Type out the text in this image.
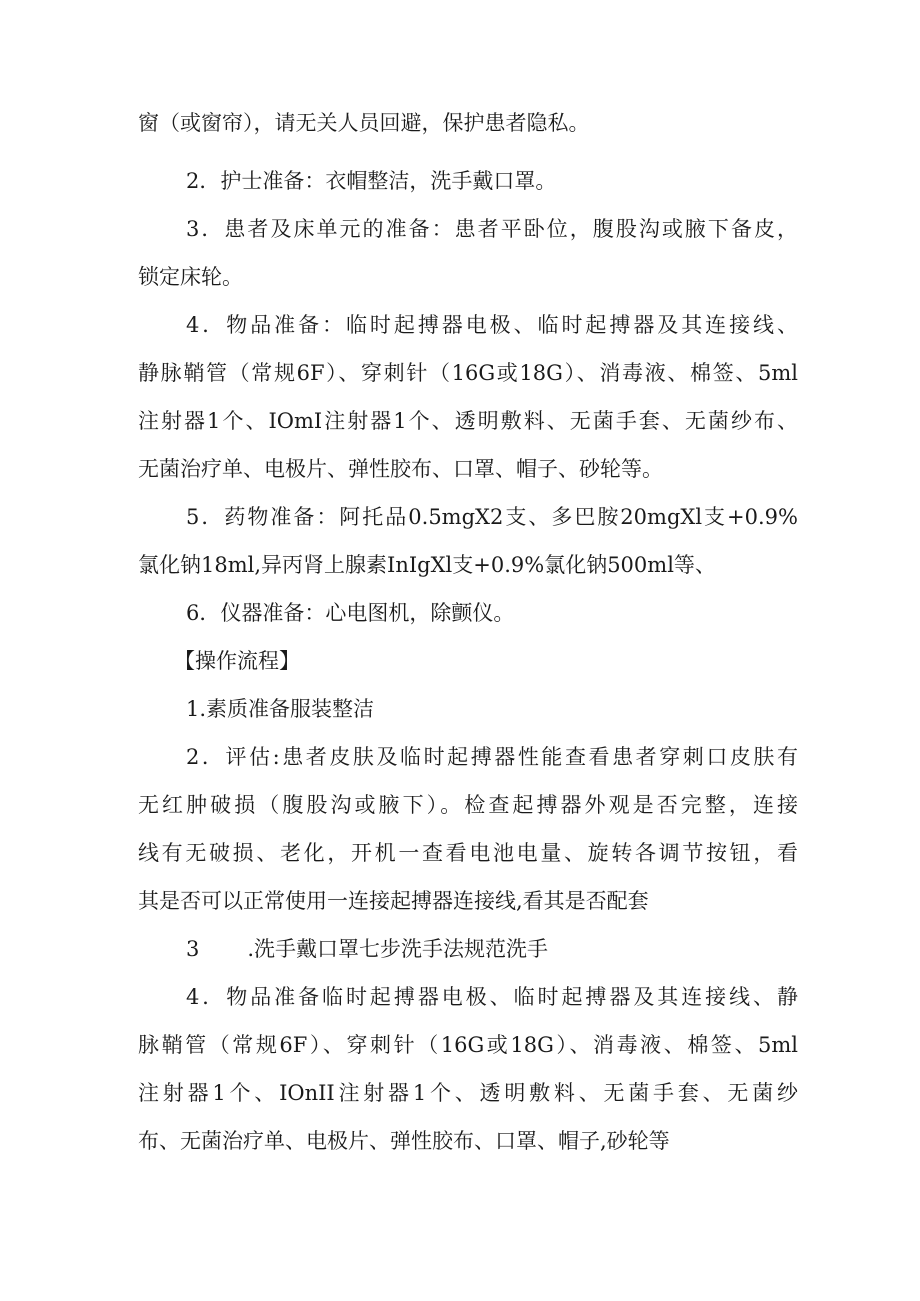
窗（或窗帘），请无关人员回避，保护患者隐私。
2．护士准备：衣帽整洁，洗手戴口罩。
3．患者及床单元的准备：患者平卧位，腹股沟或腋下备皮，
锁定床轮。
4．物品准备：临时起搏器电极、临时起搏器及其连接线、
静脉鞘管（常规6F）、穿刺针（16G或18G）、消毒液、棉签、5ml
注射器1个、IOmI注射器1个、透明敷料、无菌手套、无菌纱布、
无菌治疗单、电极片、弹性胶布、口罩、帽子、砂轮等。
5．药物准备：阿托品0.5mgX2支、多巴胺20mgXl支+0.9%
氯化钠18ml,异丙肾上腺素InIgXl支+0.9%氯化钠500ml等、
6．仪器准备：心电图机，除颤仪。
【操作流程】
1.素质准备服装整洁
2．评估:患者皮肤及临时起搏器性能查看患者穿刺口皮肤有
无红肿破损（腹股沟或腋下）。检查起搏器外观是否完整，连接
线有无破损、老化，开机一查看电池电量、旋转各调节按钮，看
其是否可以正常使用一连接起搏器连接线,看其是否配套
3 .洗手戴口罩七步洗手法规范洗手
4．物品准备临时起搏器电极、临时起搏器及其连接线、静
脉鞘管（常规6F）、穿刺针（16G或18G）、消毒液、棉签、5ml
注射器1个、IOnII注射器1个、透明敷料、无菌手套、无菌纱
布、无菌治疗单、电极片、弹性胶布、口罩、帽子,砂轮等
